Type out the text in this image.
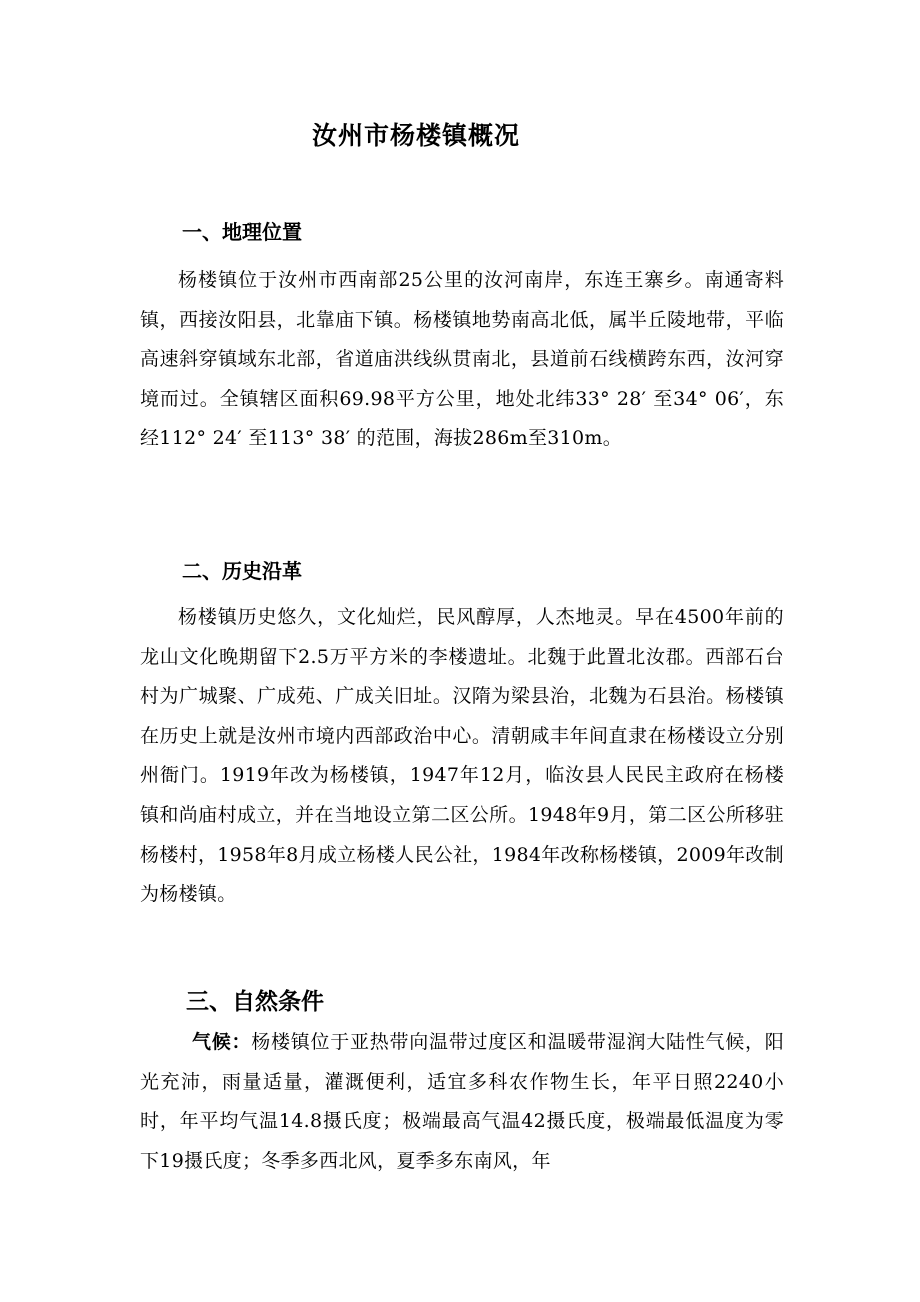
汝州市杨楼镇概况
一、地理位置
杨楼镇位于汝州市西南部25公里的汝河南岸，东连王寨乡。南通寄料镇，西接汝阳县，北靠庙下镇。杨楼镇地势南高北低，属半丘陵地带，平临高速斜穿镇域东北部，省道庙洪线纵贯南北，县道前石线横跨东西，汝河穿境而过。全镇辖区面积69.98平方公里，地处北纬33° 28′ 至34° 06′，东经112° 24′ 至113° 38′ 的范围，海拔286m至310m。
二、历史沿革
杨楼镇历史悠久，文化灿烂，民风醇厚，人杰地灵。早在4500年前的龙山文化晚期留下2.5万平方米的李楼遗址。北魏于此置北汝郡。西部石台村为广城聚、广成苑、广成关旧址。汉隋为梁县治，北魏为石县治。杨楼镇在历史上就是汝州市境内西部政治中心。清朝咸丰年间直隶在杨楼设立分别州衙门。1919年改为杨楼镇，1947年12月，临汝县人民民主政府在杨楼镇和尚庙村成立，并在当地设立第二区公所。1948年9月，第二区公所移驻杨楼村，1958年8月成立杨楼人民公社，1984年改称杨楼镇，2009年改制为杨楼镇。
三、自然条件
气候：杨楼镇位于亚热带向温带过度区和温暖带湿润大陆性气候，阳光充沛，雨量适量，灌溉便利，适宜多科农作物生长，年平日照2240小时，年平均气温14.8摄氏度；极端最高气温42摄氏度，极端最低温度为零下19摄氏度；冬季多西北风，夏季多东南风，年
